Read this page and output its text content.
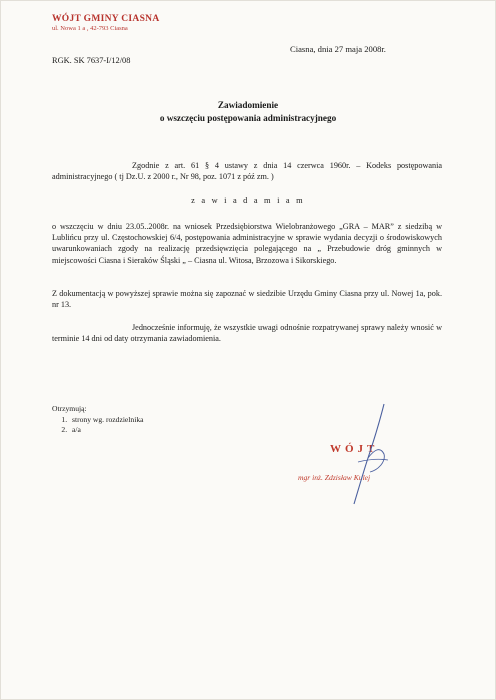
WÓJT GMINY CIASNA
ul. Nowa 1 a , 42-793 Ciasna
Ciasna, dnia 27 maja 2008r.
RGK. SK 7637-I/12/08
Zawiadomienie
o wszczęciu postępowania administracyjnego
Zgodnie z art. 61 § 4 ustawy z dnia 14 czerwca 1960r. – Kodeks postępowania administracyjnego ( tj Dz.U. z 2000 r., Nr 98, poz. 1071 z póź zm. )
z a w i a d a m i a m
o wszczęciu w dniu 23.05..2008r. na wniosek Przedsiębiorstwa Wielobranżowego „GRA – MAR” z siedzibą w Lublińcu przy ul. Częstochowskiej 6/4, postępowania administracyjne w sprawie wydania decyzji o środowiskowych uwarunkowaniach zgody na realizację przedsięwzięcia polegającego na „ Przebudowie dróg gminnych w miejscowości Ciasna i Sieraków Śląski „ – Ciasna ul. Witosa, Brzozowa i Sikorskiego.
Z dokumentacją w powyższej sprawie można się zapoznać w siedzibie Urzędu Gminy Ciasna przy ul. Nowej 1a, pok. nr 13.
Jednocześnie informuję, że wszystkie uwagi odnośnie rozpatrywanej sprawy należy wnosić w terminie 14 dni od daty otrzymania zawiadomienia.
Otrzymują:
1. strony wg. rozdzielnika
2. a/a
WÓJT
mgr inż. Zdzisław Kulej
